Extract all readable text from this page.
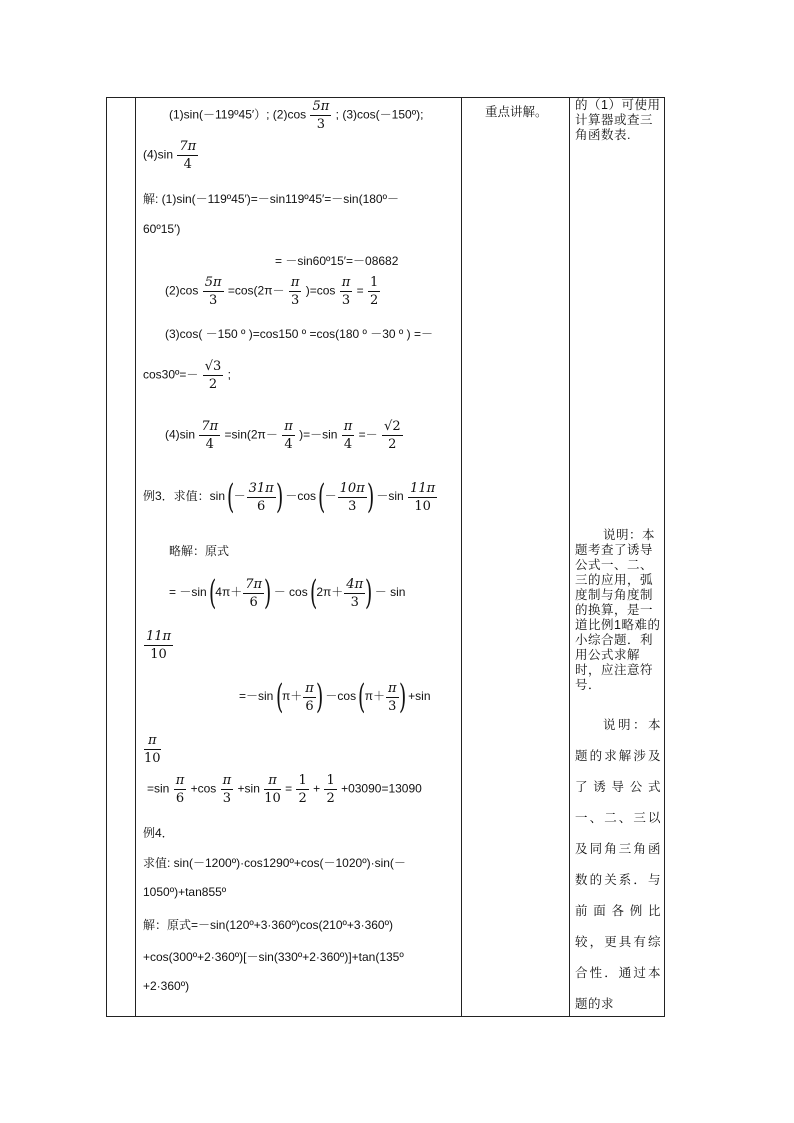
(1)sin(－119º45′）; $(2)\cos \frac{5\pi}{3}$ ; (3)cos(－150º);
$(4)\sin \frac{7\pi}{4}$
解: (1)sin(－119º45′)=－sin119º45′=－sin(180º－
60º15′)
= －sin60º15′=－08682
$(2)\cos \frac{5\pi}{3} =\cos(2\pi- \frac{\pi}{3} )=\cos \frac{\pi}{3} = \frac{1}{2}$
(3)cos( －150 º )=cos150 º =cos(180 º －30 º ) =－
cos30º=－ $\frac{√3}{2}$ ;
$(4)\sin \frac{7\pi}{4} =\sin(2\pi- \frac{\pi}{4} )=-\sin \frac{\pi}{4} =- \frac{√2}{2}$
例3．求值：sin (－ $\frac{31\pi}{6}$ ) －cos (－ $\frac{10\pi}{3}$ ) $-\sin \frac{11\pi}{10}$
略解：原式
= －sin ($4\pi+ \frac{7\pi}{6}$ ) － $\cos (2\pi+ \frac{4\pi}{3}$ ) － sin
$\frac{11\pi}{10}$
=－sin ($\pi+ \frac{\pi}{6}$ ) －cos ($\pi+ \frac{\pi}{3}$ ) +sin
$\frac{\pi}{10}$
$=\sin \frac{\pi}{6} +\cos \frac{\pi}{3} +\sin \frac{\pi}{10} = \frac{1}{2} + \frac{1}{2} +03090=13090$
例4．
求值: sin(－1200º)·cos1290º+cos(－1020º)·sin(－
1050º)+tan855º
解：原式=－sin(120º+3·360º)cos(210º+3·360º)
+cos(300º+2·360º)[－sin(330º+2·360º)]+tan(135º
+2·360º)
重点讲解。 的（1）可使用计算器或查三角函数表.

说明：本题考查了诱导公式一、二、三的应用，弧度制与角度制的换算，是一道比例1略难的小综合题．利用公式求解时，应注意符号．

说明：本题的求解涉及了诱导公式一、二、三以及同角三角函数的关系．与前面各例比较，更具有综合性．通过本题的求
